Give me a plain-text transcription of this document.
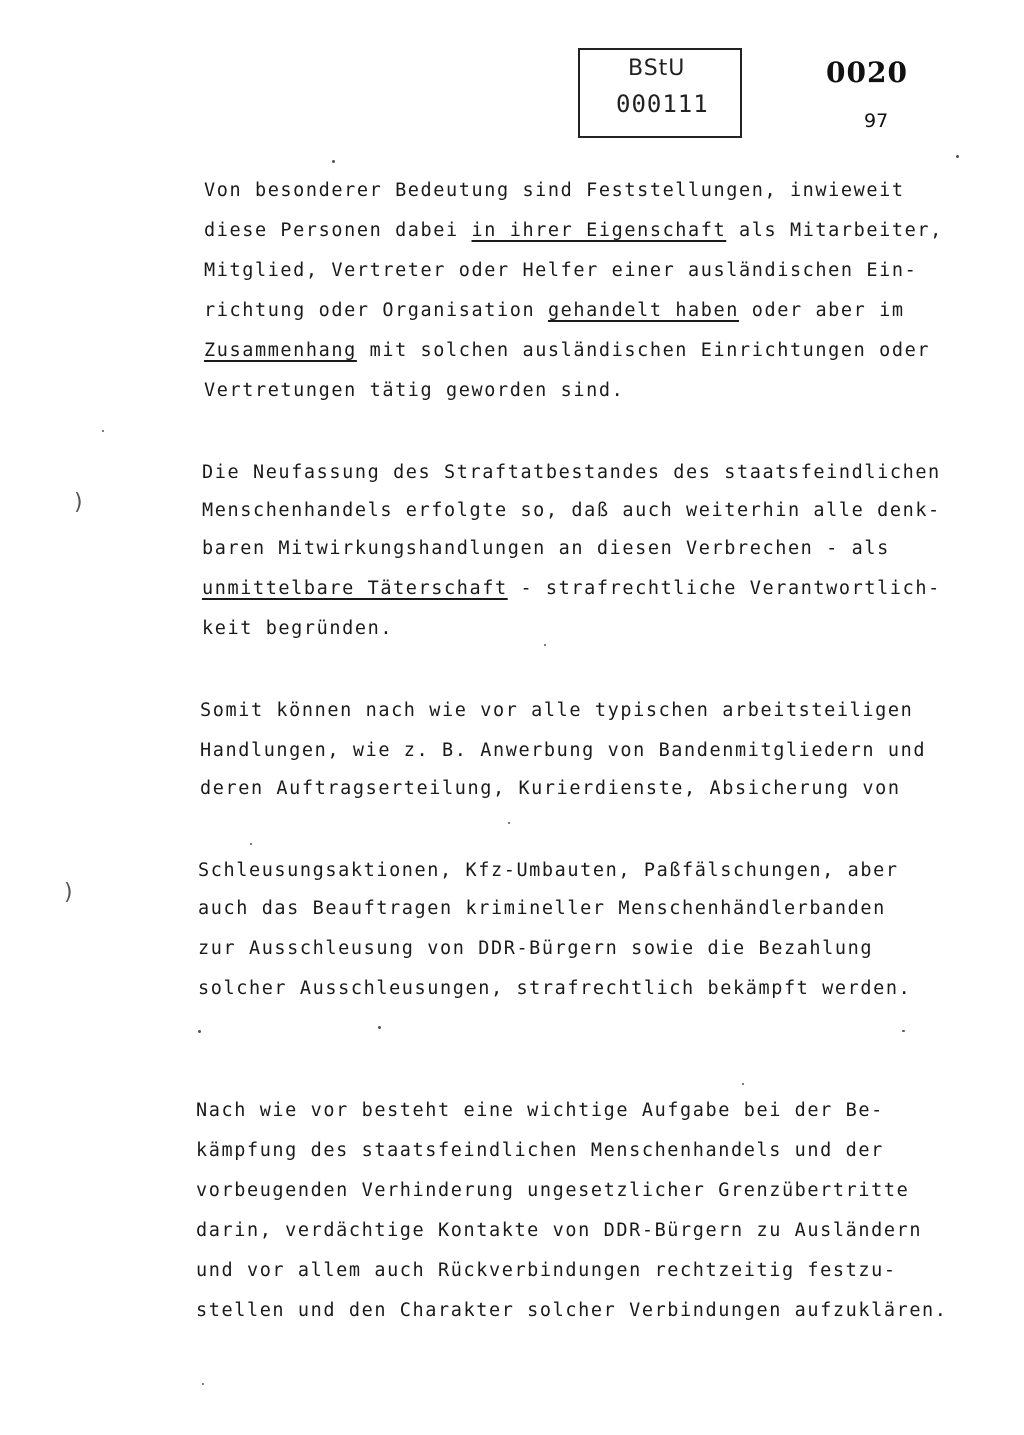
BStU
000111
0020
97
Von besonderer Bedeutung sind Feststellungen, inwieweit
diese Personen dabei in ihrer Eigenschaft als Mitarbeiter,
Mitglied, Vertreter oder Helfer einer ausländischen Ein-
richtung oder Organisation gehandelt haben oder aber im
Zusammenhang mit solchen ausländischen Einrichtungen oder
Vertretungen tätig geworden sind.
Die Neufassung des Straftatbestandes des staatsfeindlichen
Menschenhandels erfolgte so, daß auch weiterhin alle denk-
baren Mitwirkungshandlungen an diesen Verbrechen - als
unmittelbare Täterschaft - strafrechtliche Verantwortlich-
keit begründen.
Somit können nach wie vor alle typischen arbeitsteiligen
Handlungen, wie z. B. Anwerbung von Bandenmitgliedern und
deren Auftragserteilung, Kurierdienste, Absicherung von
Schleusungsaktionen, Kfz-Umbauten, Paßfälschungen, aber
auch das Beauftragen krimineller Menschenhändlerbanden
zur Ausschleusung von DDR-Bürgern sowie die Bezahlung
solcher Ausschleusungen, strafrechtlich bekämpft werden.
Nach wie vor besteht eine wichtige Aufgabe bei der Be-
kämpfung des staatsfeindlichen Menschenhandels und der
vorbeugenden Verhinderung ungesetzlicher Grenzübertritte
darin, verdächtige Kontakte von DDR-Bürgern zu Ausländern
und vor allem auch Rückverbindungen rechtzeitig festzu-
stellen und den Charakter solcher Verbindungen aufzuklären.
)
)
